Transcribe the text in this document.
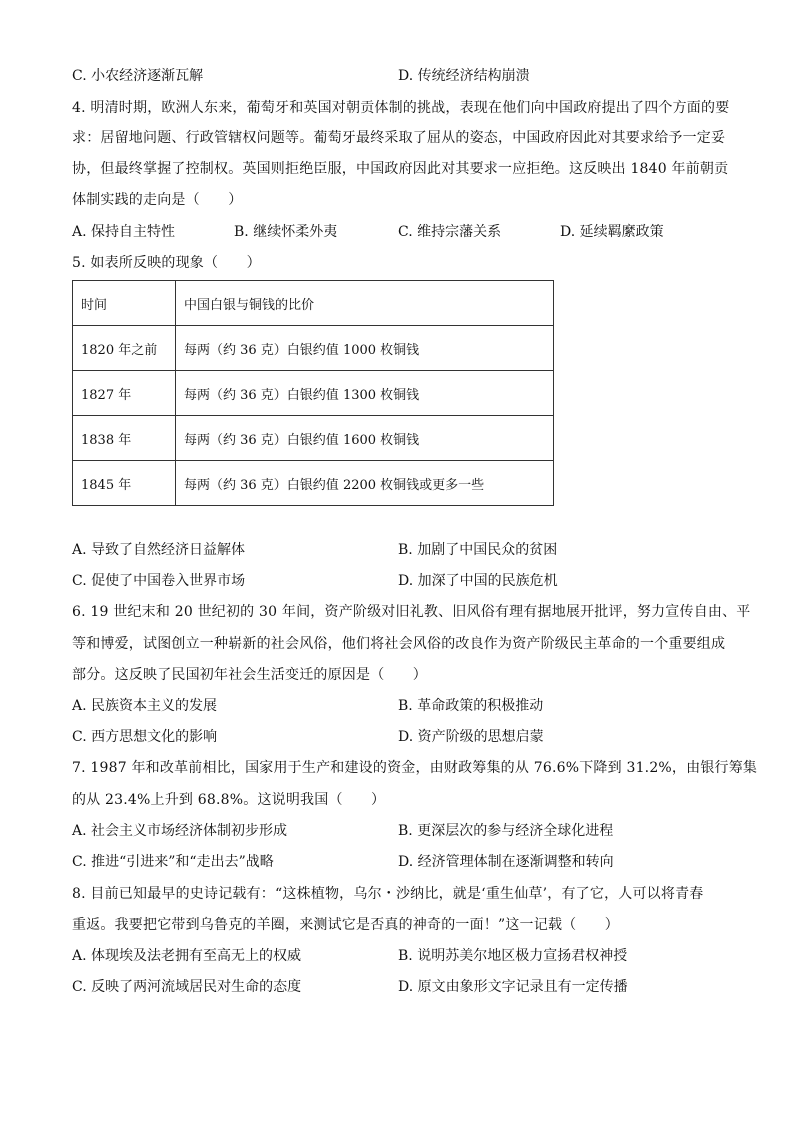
C. 小农经济逐渐瓦解	D. 传统经济结构崩溃
4. 明清时期，欧洲人东来，葡萄牙和英国对朝贡体制的挑战，表现在他们向中国政府提出了四个方面的要
求：居留地问题、行政管辖权问题等。葡萄牙最终采取了屈从的姿态，中国政府因此对其要求给予一定妥
协，但最终掌握了控制权。英国则拒绝臣服，中国政府因此对其要求一应拒绝。这反映出 1840 年前朝贡
体制实践的走向是（　　）
A. 保持自主特性	B. 继续怀柔外夷	C. 维持宗藩关系	D. 延续羁縻政策
5. 如表所反映的现象（　　）
时间	中国白银与铜钱的比价
1820 年之前	每两（约 36 克）白银约值 1000 枚铜钱
1827 年	每两（约 36 克）白银约值 1300 枚铜钱
1838 年	每两（约 36 克）白银约值 1600 枚铜钱
1845 年	每两（约 36 克）白银约值 2200 枚铜钱或更多一些
A. 导致了自然经济日益解体	B. 加剧了中国民众的贫困
C. 促使了中国卷入世界市场	D. 加深了中国的民族危机
6. 19 世纪末和 20 世纪初的 30 年间，资产阶级对旧礼教、旧风俗有理有据地展开批评，努力宣传自由、平
等和博爱，试图创立一种崭新的社会风俗，他们将社会风俗的改良作为资产阶级民主革命的一个重要组成
部分。这反映了民国初年社会生活变迁的原因是（　　）
A. 民族资本主义的发展	B. 革命政策的积极推动
C. 西方思想文化的影响	D. 资产阶级的思想启蒙
7. 1987 年和改革前相比，国家用于生产和建设的资金，由财政筹集的从 76.6%下降到 31.2%，由银行筹集
的从 23.4%上升到 68.8%。这说明我国（　　）
A. 社会主义市场经济体制初步形成	B. 更深层次的参与经济全球化进程
C. 推进“引进来”和“走出去”战略	D. 经济管理体制在逐渐调整和转向
8. 目前已知最早的史诗记载有：“这株植物，乌尔・沙纳比，就是‘重生仙草’，有了它，人可以将青春
重返。我要把它带到乌鲁克的羊圈，来测试它是否真的神奇的一面！”这一记载（　　）
A. 体现埃及法老拥有至高无上的权威	B. 说明苏美尔地区极力宣扬君权神授
C. 反映了两河流域居民对生命的态度	D. 原文由象形文字记录且有一定传播
